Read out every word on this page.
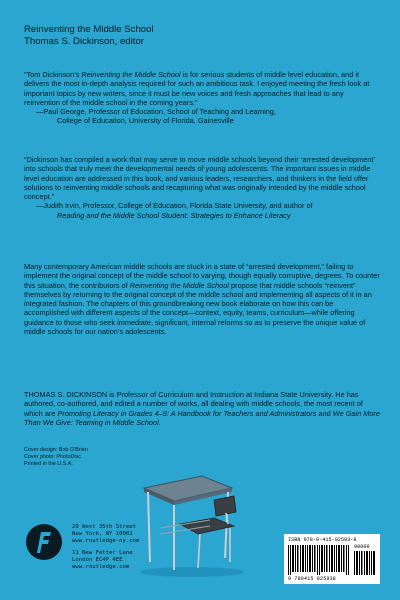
Reinventing the Middle School
Thomas S. Dickinson, editor

“Tom Dickinson’s Reinventing the Middle School is for serious students of middle level education, and it delivers the most in-depth analysis required for such an ambitious task. I enjoyed meeting the fresh look at important topics by new writers, since it must be new voices and fresh approaches that lead to any reinvention of the middle school in the coming years.”

—Paul George, Professor of Education, School of Teaching and Learning,

College of Education, University of Florida, Gainesville

“Dickinson has compiled a work that may serve to move middle schools beyond their ‘arrested development’ into schools that truly meet the developmental needs of young adolescents. The important issues in middle level education are addressed in this book, and various leaders, researchers, and thinkers in the field offer solutions to reinventing middle schools and recapturing what was originally intended by the middle school concept.”

—Judith Irvin, Professor, College of Education, Florida State University, and author of

Reading and the Middle School Student: Strategies to Enhance Literacy

Many contemporary American middle schools are stuck in a state of “arrested development,” failing to implement the original concept of the middle school to varying, though equally corruptive, degrees. To counter this situation, the contributors of Reinventing the Middle School propose that middle schools “reinvent” themselves by returning to the original concept of the middle school and implementing all aspects of it in an integrated fashion. The chapters of this groundbreaking new book elaborate on how this can be accomplished with different aspects of the concept—context, equity, teams, curriculum—while offering guidance to those who seek immediate, significant, internal reforms so as to preserve the unique value of middle schools for our nation’s adolescents.

THOMAS S. DICKINSON is Professor of Curriculum and Instruction at Indiana State University. He has authored, co-authored, and edited a number of works, all dealing with middle schools, the most recent of which are Promoting Literacy in Grades 4–9: A Handbook for Teachers and Administrators and We Gain More Than We Give: Teaming in Middle School.

Cover design: Bob O’Brien
Cover photo: PhotoDisc
Printed in the U.S.A.
29 West 35th Street
New York, NY 10001
www.routledge-ny.com
11 New Fetter Lane
London EC4P 4EE
www.routledge.com
ISBN 978-0-415-92593-8
90000
9 780415 925938
